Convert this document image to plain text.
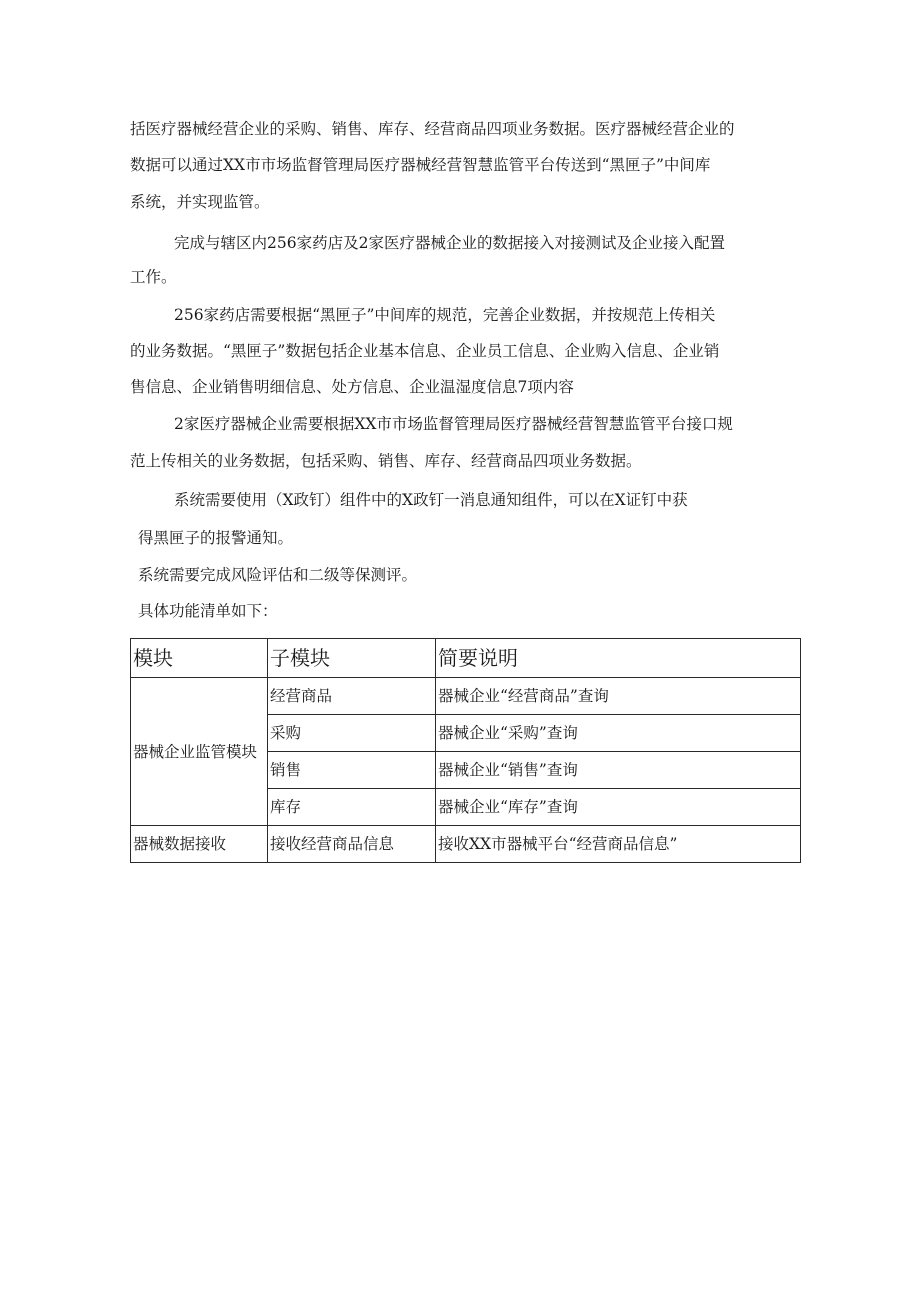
括医疗器械经营企业的采购、销售、库存、经营商品四项业务数据。医疗器械经营企业的
数据可以通过XX市市场监督管理局医疗器械经营智慧监管平台传送到“黑匣子”中间库
系统，并实现监管。
完成与辖区内256家药店及2家医疗器械企业的数据接入对接测试及企业接入配置
工作。
256家药店需要根据“黑匣子”中间库的规范，完善企业数据，并按规范上传相关
的业务数据。“黑匣子”数据包括企业基本信息、企业员工信息、企业购入信息、企业销
售信息、企业销售明细信息、处方信息、企业温湿度信息7项内容
2家医疗器械企业需要根据XX市市场监督管理局医疗器械经营智慧监管平台接口规
范上传相关的业务数据，包括采购、销售、库存、经营商品四项业务数据。
系统需要使用（X政钉）组件中的X政钉一消息通知组件，可以在X证钉中获
得黑匣子的报警通知。
系统需要完成风险评估和二级等保测评。
具体功能清单如下：
模块	子模块	简要说明
器械企业监管模块	经营商品	器械企业“经营商品”查询
	采购	器械企业“采购”查询
	销售	器械企业“销售”查询
	库存	器械企业“库存”查询
器械数据接收	接收经营商品信息	接收XX市器械平台“经营商品信息”
